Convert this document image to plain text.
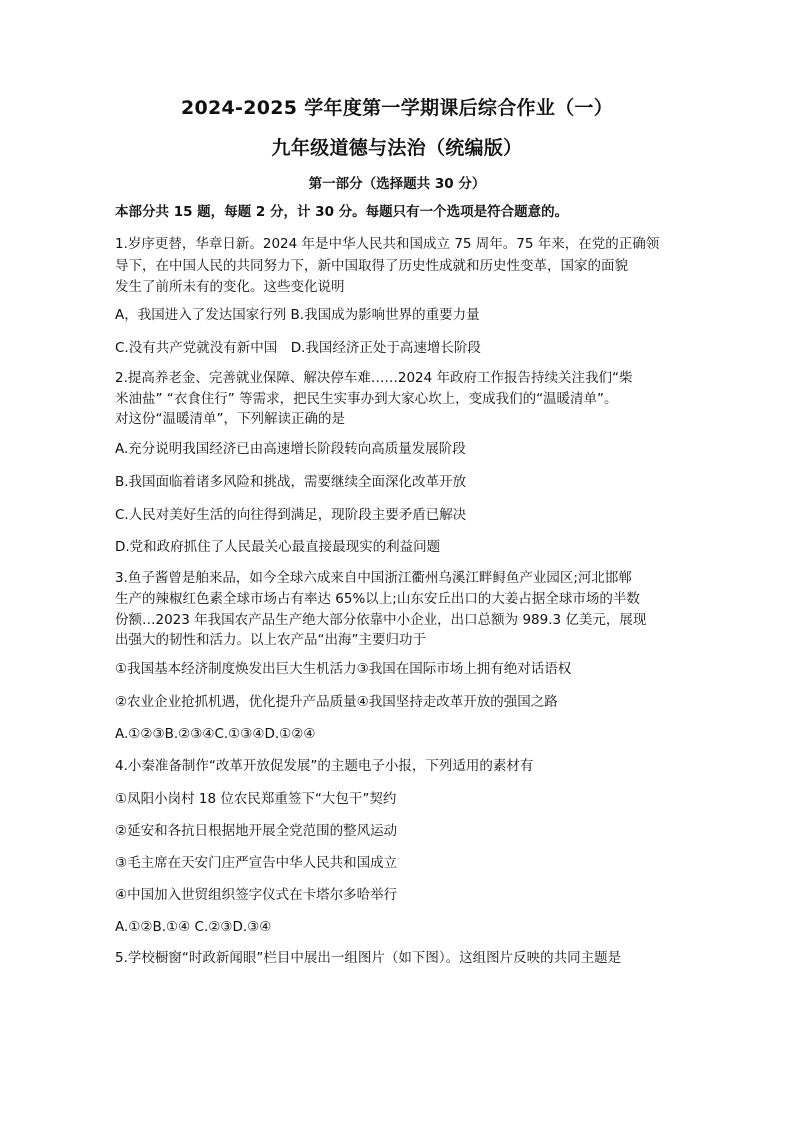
2024-2025 学年度第一学期课后综合作业（一）
九年级道德与法治（统编版）
第一部分（选择题共 30 分）
本部分共 15 题，每题 2 分，计 30 分。每题只有一个选项是符合题意的。
1.岁序更替，华章日新。2024 年是中华人民共和国成立 75 周年。75 年来，在党的正确领
导下，在中国人民的共同努力下，新中国取得了历史性成就和历史性变革，国家的面貌
发生了前所未有的变化。这些变化说明
A，我国进入了发达国家行列 B.我国成为影响世界的重要力量
C.没有共产党就没有新中国　D.我国经济正处于高速增长阶段
2.提高养老金、完善就业保障、解决停车难……2024 年政府工作报告持续关注我们“柴
米油盐” “衣食住行” 等需求，把民生实事办到大家心坎上，变成我们的“温暖清单”。
对这份“温暖清单”，下列解读正确的是
A.充分说明我国经济已由高速增长阶段转向高质量发展阶段
B.我国面临着诸多风险和挑战，需要继续全面深化改革开放
C.人民对美好生活的向往得到满足，现阶段主要矛盾已解决
D.党和政府抓住了人民最关心最直接最现实的利益问题
3.鱼子酱曾是舶来品，如今全球六成来自中国浙江衢州乌溪江畔鲟鱼产业园区;河北邯郸
生产的辣椒红色素全球市场占有率达 65%以上;山东安丘出口的大姜占据全球市场的半数
份额…2023 年我国农产品生产绝大部分依靠中小企业，出口总额为 989.3 亿美元，展现
出强大的韧性和活力。以上农产品“出海”主要归功于
①我国基本经济制度焕发出巨大生机活力③我国在国际市场上拥有绝对话语权
②农业企业抢抓机遇，优化提升产品质量④我国坚持走改革开放的强国之路
A.①②③B.②③④C.①③④D.①②④
4.小秦准备制作“改革开放促发展”的主题电子小报，下列适用的素材有
①凤阳小岗村 18 位农民郑重签下“大包干”契约
②延安和各抗日根据地开展全党范围的整风运动
③毛主席在天安门庄严宣告中华人民共和国成立
④中国加入世贸组织签字仪式在卡塔尔多哈举行
A.①②B.①④ C.②③D.③④
5.学校橱窗“时政新闻眼”栏目中展出一组图片（如下图）。这组图片反映的共同主题是
